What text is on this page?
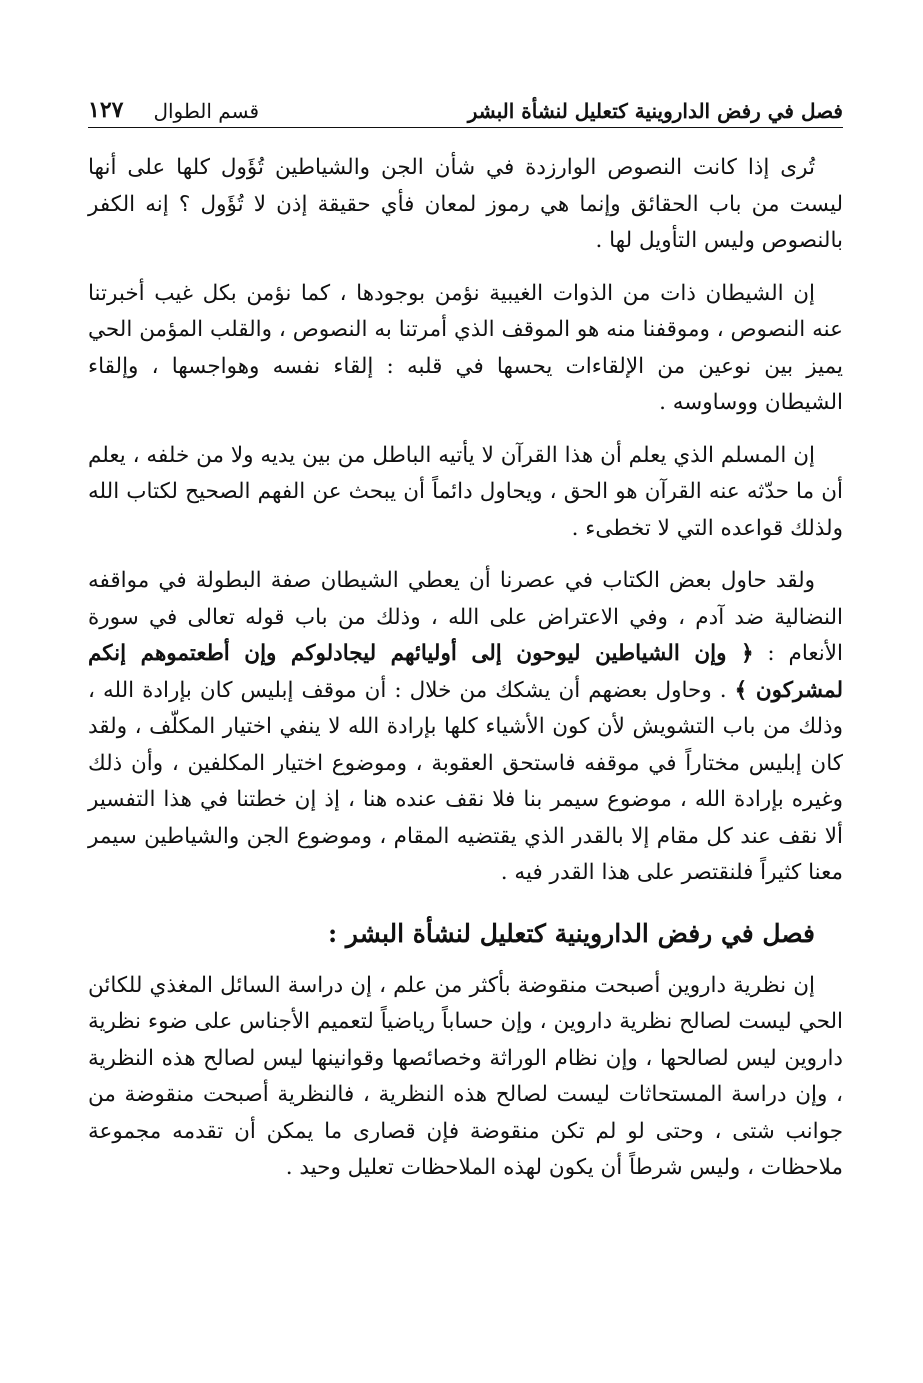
فصل في رفض الداروينية كتعليل لنشأة البشر
قسم الطوال
١٢٧

تُرى إذا كانت النصوص الوارزدة في شأن الجن والشياطين تُؤَول كلها على أنها ليست من باب الحقائق وإنما هي رموز لمعان فأي حقيقة إذن لا تُؤَول ؟ إنه الكفر بالنصوص وليس التأويل لها .

إن الشيطان ذات من الذوات الغيبية نؤمن بوجودها ، كما نؤمن بكل غيب أخبرتنا عنه النصوص ، وموقفنا منه هو الموقف الذي أمرتنا به النصوص ، والقلب المؤمن الحي يميز بين نوعين من الإلقاءات يحسها في قلبه : إلقاء نفسه وهواجسها ، وإلقاء الشيطان ووساوسه .

إن المسلم الذي يعلم أن هذا القرآن لا يأتيه الباطل من بين يديه ولا من خلفه ، يعلم أن ما حدّثه عنه القرآن هو الحق ، ويحاول دائماً أن يبحث عن الفهم الصحيح لكتاب الله ولذلك قواعده التي لا تخطىء .

ولقد حاول بعض الكتاب في عصرنا أن يعطي الشيطان صفة البطولة في مواقفه النضالية ضد آدم ، وفي الاعتراض على الله ، وذلك من باب قوله تعالى في سورة الأنعام : ﴿ وإن الشياطين ليوحون إلى أوليائهم ليجادلوكم وإن أطعتموهم إنكم لمشركون ﴾ . وحاول بعضهم أن يشكك من خلال : أن موقف إبليس كان بإرادة الله ، وذلك من باب التشويش لأن كون الأشياء كلها بإرادة الله لا ينفي اختيار المكلّف ، ولقد كان إبليس مختاراً في موقفه فاستحق العقوبة ، وموضوع اختيار المكلفين ، وأن ذلك وغيره بإرادة الله ، موضوع سيمر بنا فلا نقف عنده هنا ، إذ إن خطتنا في هذا التفسير ألا نقف عند كل مقام إلا بالقدر الذي يقتضيه المقام ، وموضوع الجن والشياطين سيمر معنا كثيراً فلنقتصر على هذا القدر فيه .

فصل في رفض الداروينية كتعليل لنشأة البشر :

إن نظرية داروين أصبحت منقوضة بأكثر من علم ، إن دراسة السائل المغذي للكائن الحي ليست لصالح نظرية داروين ، وإن حساباً رياضياً لتعميم الأجناس على ضوء نظرية داروين ليس لصالحها ، وإن نظام الوراثة وخصائصها وقوانينها ليس لصالح هذه النظرية ، وإن دراسة المستحاثات ليست لصالح هذه النظرية ، فالنظرية أصبحت منقوضة من جوانب شتى ، وحتى لو لم تكن منقوضة فإن قصارى ما يمكن أن تقدمه مجموعة ملاحظات ، وليس شرطاً أن يكون لهذه الملاحظات تعليل وحيد .
